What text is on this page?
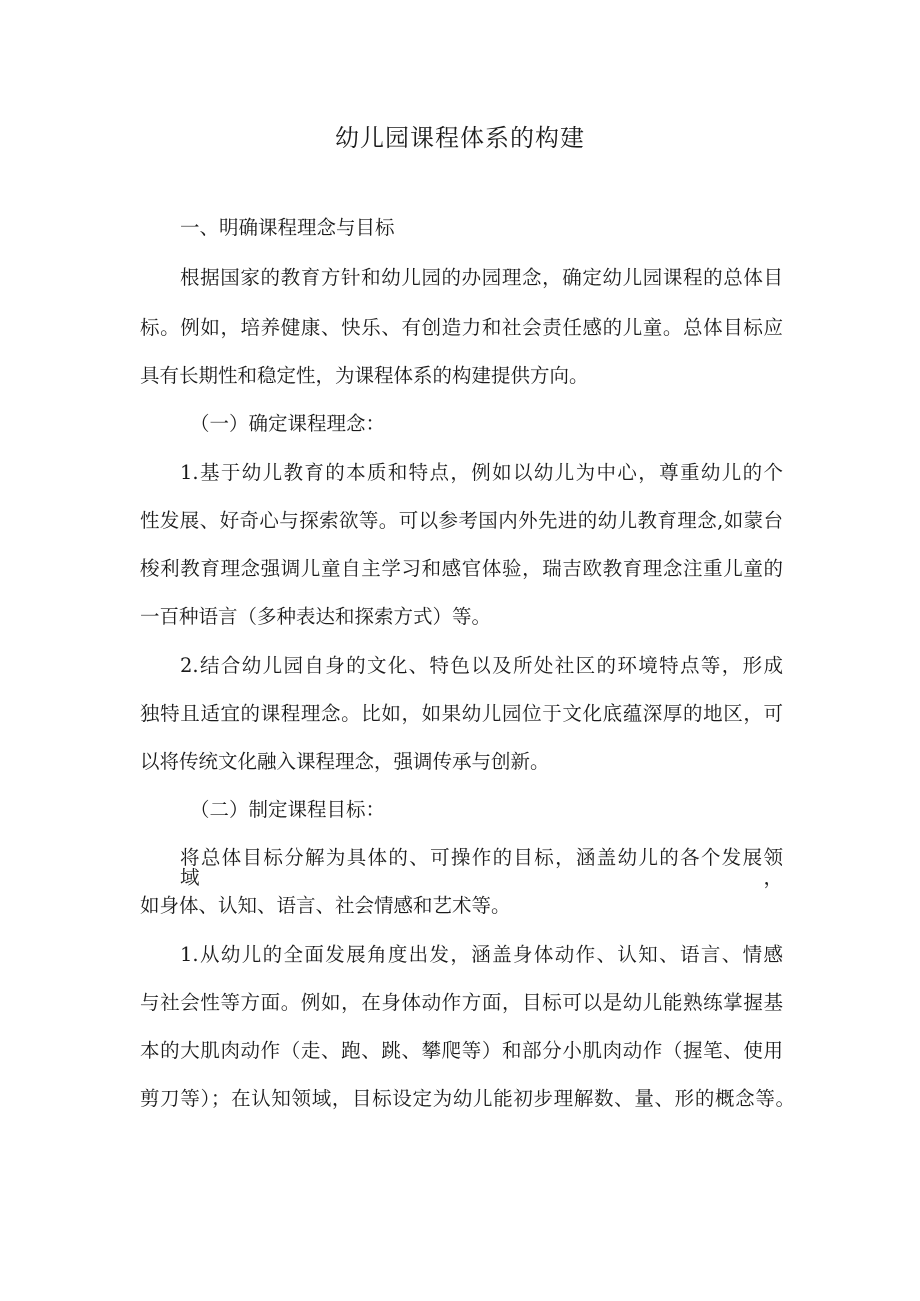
幼儿园课程体系的构建
一、明确课程理念与目标
根据国家的教育方针和幼儿园的办园理念，确定幼儿园课程的总体目
标。例如，培养健康、快乐、有创造力和社会责任感的儿童。总体目标应
具有长期性和稳定性，为课程体系的构建提供方向。
（一）确定课程理念：
1.基于幼儿教育的本质和特点，例如以幼儿为中心，尊重幼儿的个
性发展、好奇心与探索欲等。可以参考国内外先进的幼儿教育理念,如蒙台
梭利教育理念强调儿童自主学习和感官体验，瑞吉欧教育理念注重儿童的
一百种语言（多种表达和探索方式）等。
2.结合幼儿园自身的文化、特色以及所处社区的环境特点等，形成
独特且适宜的课程理念。比如，如果幼儿园位于文化底蕴深厚的地区，可
以将传统文化融入课程理念，强调传承与创新。
（二）制定课程目标：
将总体目标分解为具体的、可操作的目标，涵盖幼儿的各个发展领域，
如身体、认知、语言、社会情感和艺术等。
1.从幼儿的全面发展角度出发，涵盖身体动作、认知、语言、情感
与社会性等方面。例如，在身体动作方面，目标可以是幼儿能熟练掌握基
本的大肌肉动作（走、跑、跳、攀爬等）和部分小肌肉动作（握笔、使用
剪刀等）；在认知领域，目标设定为幼儿能初步理解数、量、形的概念等。
